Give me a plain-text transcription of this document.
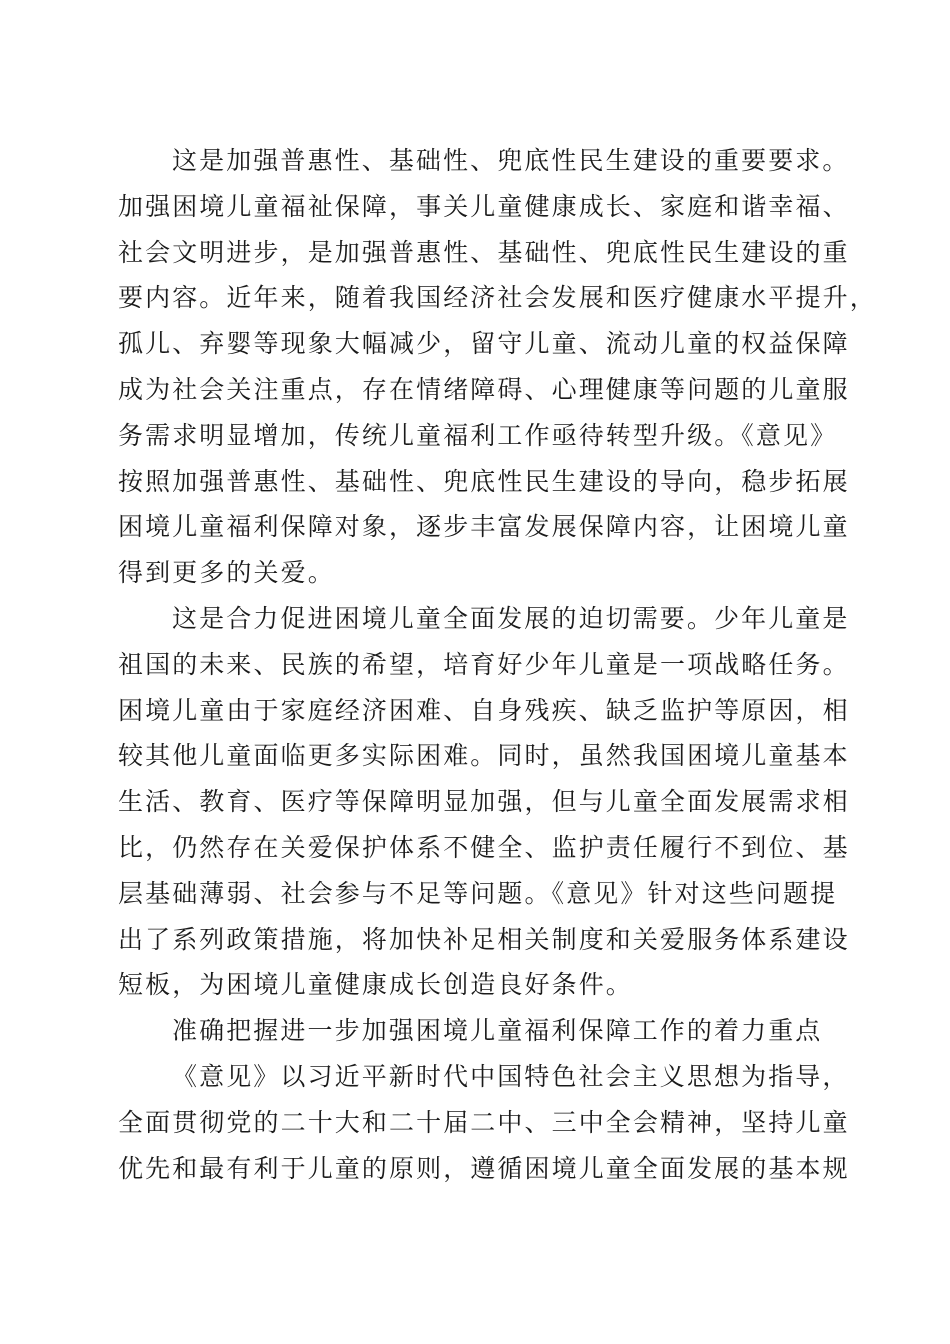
这是加强普惠性、基础性、兜底性民生建设的重要要求。
加强困境儿童福祉保障，事关儿童健康成长、家庭和谐幸福、
社会文明进步，是加强普惠性、基础性、兜底性民生建设的重
要内容。近年来，随着我国经济社会发展和医疗健康水平提升，
孤儿、弃婴等现象大幅减少，留守儿童、流动儿童的权益保障
成为社会关注重点，存在情绪障碍、心理健康等问题的儿童服
务需求明显增加，传统儿童福利工作亟待转型升级。《意见》
按照加强普惠性、基础性、兜底性民生建设的导向，稳步拓展
困境儿童福利保障对象，逐步丰富发展保障内容，让困境儿童
得到更多的关爱。
这是合力促进困境儿童全面发展的迫切需要。少年儿童是
祖国的未来、民族的希望，培育好少年儿童是一项战略任务。
困境儿童由于家庭经济困难、自身残疾、缺乏监护等原因，相
较其他儿童面临更多实际困难。同时，虽然我国困境儿童基本
生活、教育、医疗等保障明显加强，但与儿童全面发展需求相
比，仍然存在关爱保护体系不健全、监护责任履行不到位、基
层基础薄弱、社会参与不足等问题。《意见》针对这些问题提
出了系列政策措施，将加快补足相关制度和关爱服务体系建设
短板，为困境儿童健康成长创造良好条件。
准确把握进一步加强困境儿童福利保障工作的着力重点
《意见》以习近平新时代中国特色社会主义思想为指导，
全面贯彻党的二十大和二十届二中、三中全会精神，坚持儿童
优先和最有利于儿童的原则，遵循困境儿童全面发展的基本规
